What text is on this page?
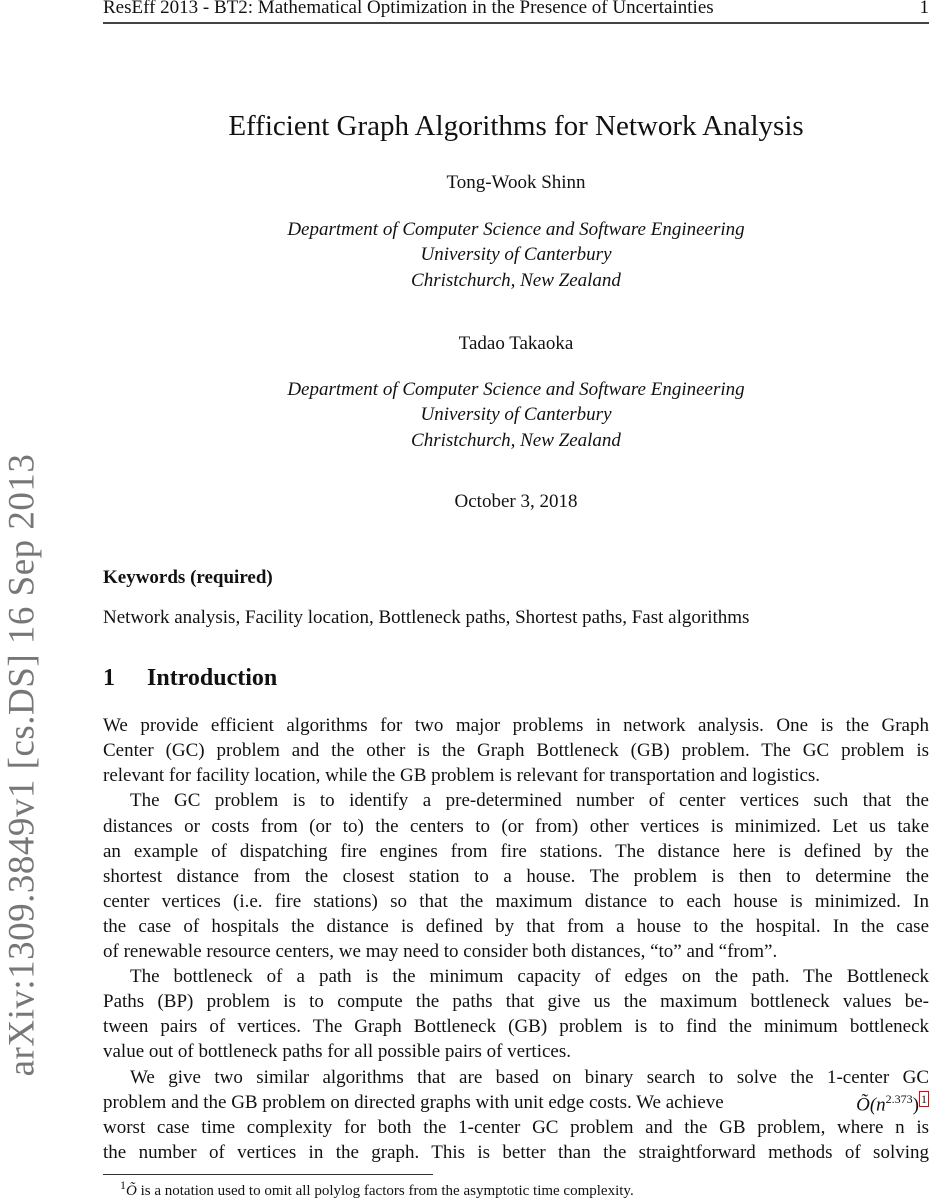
ResEff 2013 - BT2: Mathematical Optimization in the Presence of Uncertainties	1
arXiv:1309.3849v1 [cs.DS] 16 Sep 2013
Efficient Graph Algorithms for Network Analysis
Tong-Wook Shinn
Department of Computer Science and Software Engineering
University of Canterbury
Christchurch, New Zealand
Tadao Takaoka
Department of Computer Science and Software Engineering
University of Canterbury
Christchurch, New Zealand
October 3, 2018
Keywords (required)
Network analysis, Facility location, Bottleneck paths, Shortest paths, Fast algorithms
1 Introduction
We provide efficient algorithms for two major problems in network analysis. One is the Graph
Center (GC) problem and the other is the Graph Bottleneck (GB) problem. The GC problem is
relevant for facility location, while the GB problem is relevant for transportation and logistics.
The GC problem is to identify a pre-determined number of center vertices such that the
distances or costs from (or to) the centers to (or from) other vertices is minimized. Let us take
an example of dispatching fire engines from fire stations. The distance here is defined by the
shortest distance from the closest station to a house. The problem is then to determine the
center vertices (i.e. fire stations) so that the maximum distance to each house is minimized. In
the case of hospitals the distance is defined by that from a house to the hospital. In the case
of renewable resource centers, we may need to consider both distances, “to” and “from”.
The bottleneck of a path is the minimum capacity of edges on the path. The Bottleneck
Paths (BP) problem is to compute the paths that give us the maximum bottleneck values be-
tween pairs of vertices. The Graph Bottleneck (GB) problem is to find the minimum bottleneck
value out of bottleneck paths for all possible pairs of vertices.
We give two similar algorithms that are based on binary search to solve the 1-center GC
problem and the GB problem on directed graphs with unit edge costs. We achieve	$Õ(n^{2.373})$ $^1$
worst case time complexity for both the 1-center GC problem and the GB problem, where n is
the number of vertices in the graph. This is better than the straightforward methods of solving
$^1$Õ is a notation used to omit all polylog factors from the asymptotic time complexity.
